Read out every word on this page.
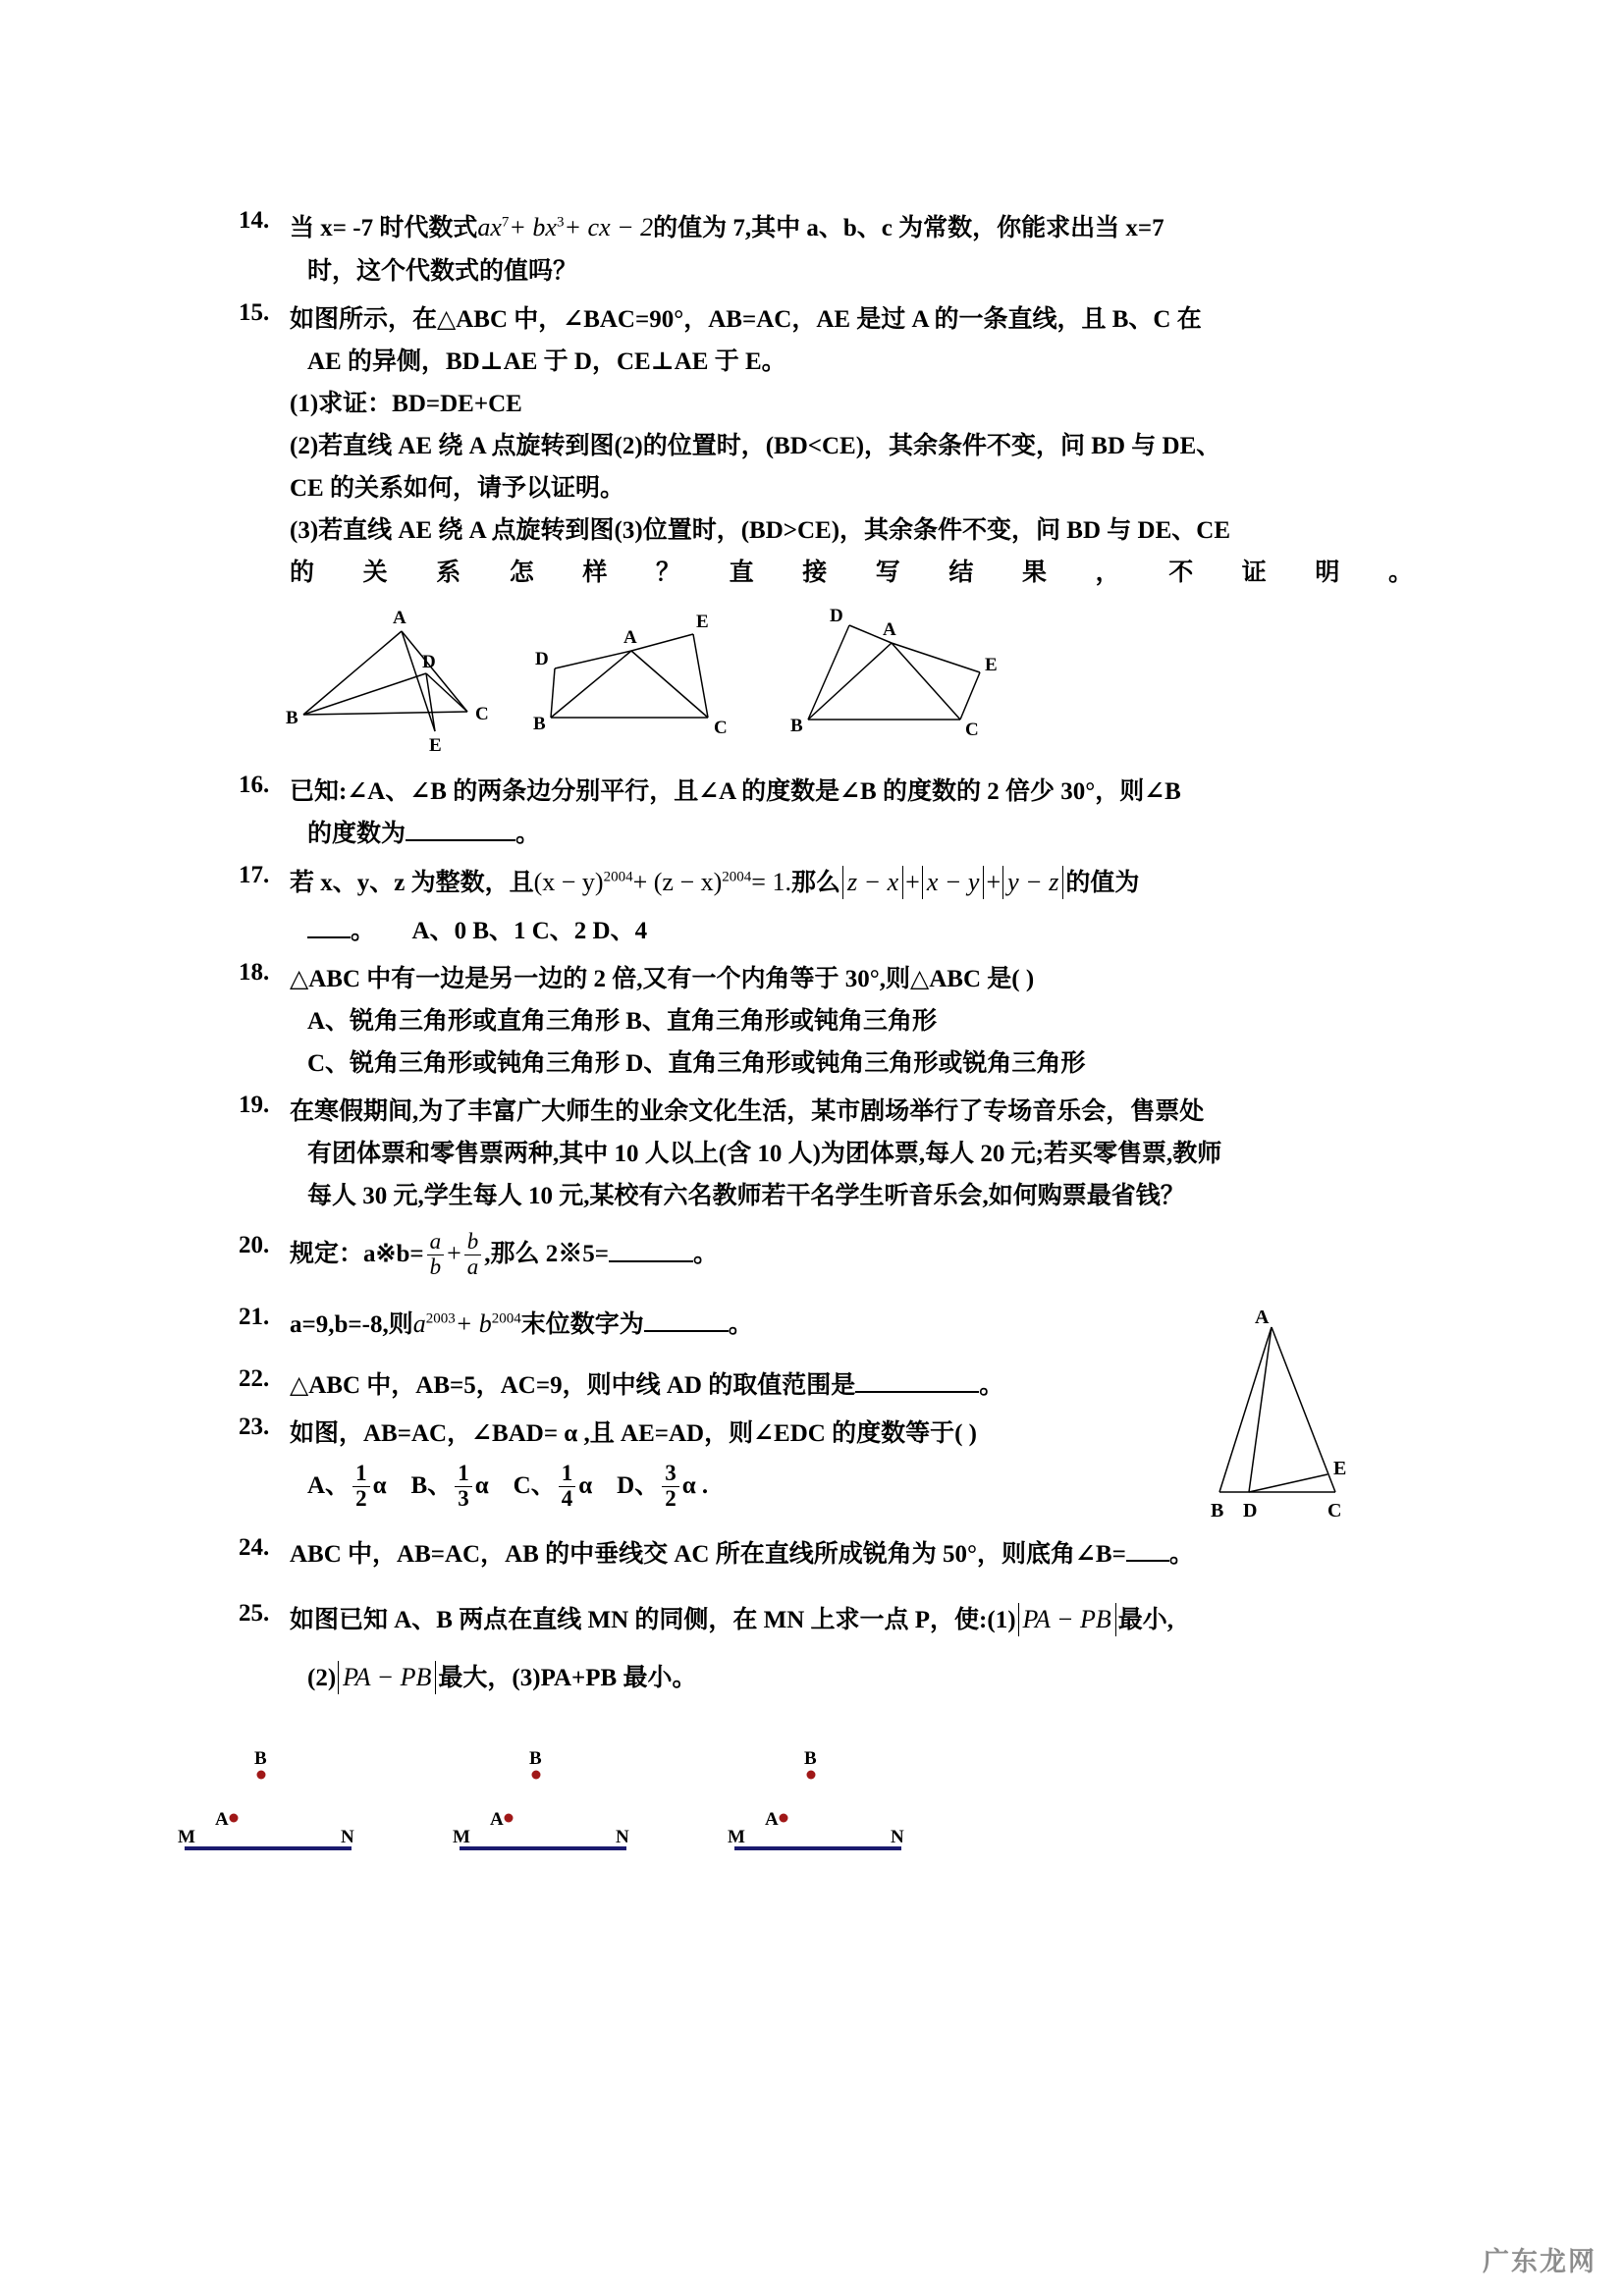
14. 当 x= -7 时代数式$ax^7+ bx^3+$ cx − 2的值为 7,其中 a、b、c 为常数，你能求出当 x=7
时，这个代数式的值吗？
15. 如图所示，在△ABC 中，∠BAC=90°，AB=AC，AE 是过 A 的一条直线，且 B、C 在
AE 的异侧，BD⊥AE 于 D，CE⊥AE 于 E。
(1)求证：BD=DE+CE
(2)若直线 AE 绕 A 点旋转到图(2)的位置时，(BD<CE)，其余条件不变，问 BD 与 DE、
CE 的关系如何，请予以证明。
(3)若直线 AE 绕 A 点旋转到图(3)位置时，(BD>CE)，其余条件不变，问 BD 与 DE、CE
的关系怎样？直接写结果，不证明。
A
B	C
D
E
A
B	C
D
E	A
B	C
D
E
16. 已知:∠A、∠B 的两条边分别平行，且∠A 的度数是∠B 的度数的 2 倍少 30°，则∠B
的度数为	。
17. 若 x、y、z 为整数，且$(x - y)^{2004}+ (z - x)^{2004}= 1$.那么 z − x + x − y + y − z 的值为
。 A、0 B、1 C、2 D、4
18. △ABC 中有一边是另一边的 2 倍,又有一个内角等于 30°,则△ABC 是( )
A、锐角三角形或直角三角形 B、直角三角形或钝角三角形
C、锐角三角形或钝角三角形 D、直角三角形或钝角三角形或锐角三角形
19. 在寒假期间,为了丰富广大师生的业余文化生活，某市剧场举行了专场音乐会，售票处
有团体票和零售票两种,其中 10 人以上(含 10 人)为团体票,每人 20 元;若买零售票,教师
每人 30 元,学生每人 10 元,某校有六名教师若干名学生听音乐会,如何购票最省钱？
20. 规定：a※b= $\frac{a}{b} + \frac{b}{a}$ ,那么 2※5=	。
21. a=9,b=-8,则$a^{2003}+ b^{2004}$末位数字为	。
22. △ABC 中，AB=5，AC=9，则中线 AD 的取值范围是	。
23. 如图，AB=AC，∠BAD= α ,且 AE=AD，则∠EDC 的度数等于( )
A、 $\frac{1}{2}$ α B、 $\frac{1}{3}$ α C、 $\frac{1}{4}$ α D、 $\frac{3}{2}$ α .
24. ABC 中，AB=AC，AB 的中垂线交 AC 所在直线所成锐角为 50°，则底角∠B= 。
25. 如图已知 A、B 两点在直线 MN 的同侧，在 MN 上求一点 P，使:(1) PA − PB 最小,
(2) PA − PB 最大，(3)PA+PB 最小。
B
A
M	N
B
A
M	N
B
A
M	N
A
B D	C
E
广东龙网
